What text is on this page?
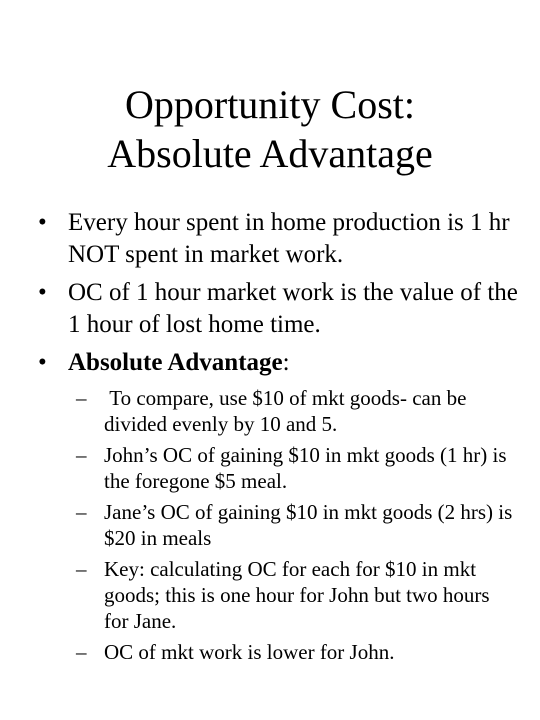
Opportunity Cost:
Absolute Advantage
• Every hour spent in home production is 1 hr NOT spent in market work.
• OC of 1 hour market work is the value of the 1 hour of lost home time.
• Absolute Advantage:
– To compare, use $10 of mkt goods- can be divided evenly by 10 and 5.
– John’s OC of gaining $10 in mkt goods (1 hr) is the foregone $5 meal.
– Jane’s OC of gaining $10 in mkt goods (2 hrs) is $20 in meals
– Key: calculating OC for each for $10 in mkt goods; this is one hour for John but two hours for Jane.
– OC of mkt work is lower for John.
